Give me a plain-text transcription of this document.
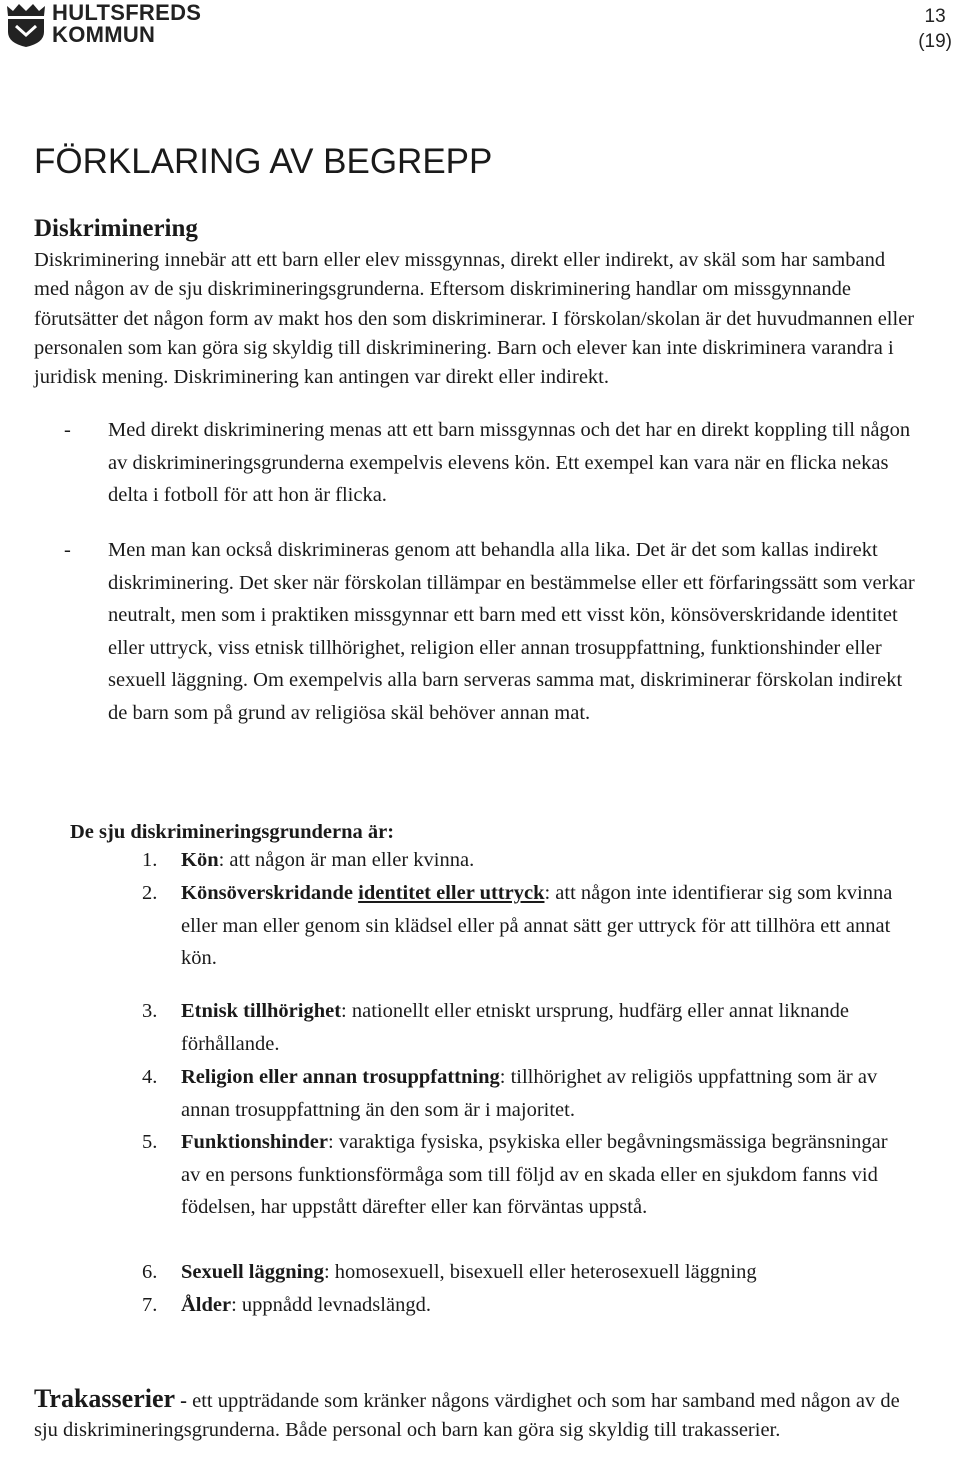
HULTSFREDS
KOMMUN
13
(19)
FÖRKLARING AV BEGREPP
Diskriminering

Diskriminering innebär att ett barn eller elev missgynnas, direkt eller indirekt, av skäl som har samband med någon av de sju diskrimineringsgrunderna. Eftersom diskriminering handlar om missgynnande förutsätter det någon form av makt hos den som diskriminerar. I förskolan/skolan är det huvudmannen eller personalen som kan göra sig skyldig till diskriminering. Barn och elever kan inte diskriminera varandra i juridisk mening. Diskriminering kan antingen var direkt eller indirekt.

- Med direkt diskriminering menas att ett barn missgynnas och det har en direkt koppling till någon av diskrimineringsgrunderna exempelvis elevens kön. Ett exempel kan vara när en flicka nekas delta i fotboll för att hon är flicka.
- Men man kan också diskrimineras genom att behandla alla lika. Det är det som kallas indirekt diskriminering. Det sker när förskolan tillämpar en bestämmelse eller ett förfaringssätt som verkar neutralt, men som i praktiken missgynnar ett barn med ett visst kön, könsöverskridande identitet eller uttryck, viss etnisk tillhörighet, religion eller annan trosuppfattning, funktionshinder eller sexuell läggning. Om exempelvis alla barn serveras samma mat, diskriminerar förskolan indirekt de barn som på grund av religiösa skäl behöver annan mat.

De sju diskrimineringsgrunderna är:

1. Kön: att någon är man eller kvinna.
2. Könsöverskridande identitet eller uttryck: att någon inte identifierar sig som kvinna eller man eller genom sin klädsel eller på annat sätt ger uttryck för att tillhöra ett annat kön.
3. Etnisk tillhörighet: nationellt eller etniskt ursprung, hudfärg eller annat liknande förhållande.
4. Religion eller annan trosuppfattning: tillhörighet av religiös uppfattning som är av annan trosuppfattning än den som är i majoritet.
5. Funktionshinder: varaktiga fysiska, psykiska eller begåvningsmässiga begränsningar av en persons funktionsförmåga som till följd av en skada eller en sjukdom fanns vid födelsen, har uppstått därefter eller kan förväntas uppstå.
6. Sexuell läggning: homosexuell, bisexuell eller heterosexuell läggning
7. Ålder: uppnådd levnadslängd.

Trakasserier - ett uppträdande som kränker någons värdighet och som har samband med någon av de sju diskrimineringsgrunderna. Både personal och barn kan göra sig skyldig till trakasserier.
